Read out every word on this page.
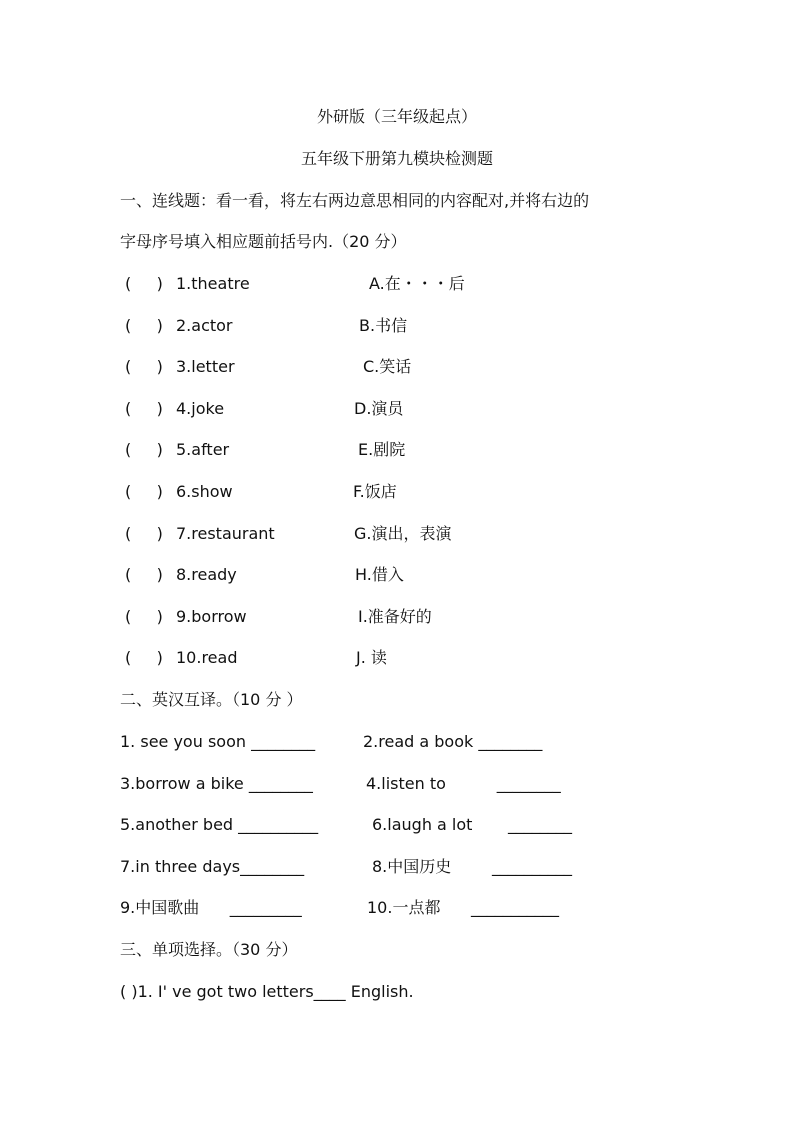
外研版（三年级起点）
五年级下册第九模块检测题
一、连线题：看一看，将左右两边意思相同的内容配对,并将右边的
字母序号填入相应题前括号内.（20 分）
(     ) 1.theatre	A.在・・・后
(     ) 2.actor	B.书信
(     ) 3.letter	C.笑话
(     ) 4.joke	D.演员
(     ) 5.after	E.剧院
(     ) 6.show	F.饭店
(     ) 7.restaurant	G.演出，表演
(     ) 8.ready	H.借入
(     ) 9.borrow	I.准备好的
(     ) 10.read	J. 读
二、英汉互译。（10 分 ）
1. see you soon ________	2.read a book ________
3.borrow a bike ________	4.listen to          ________
5.another bed __________	6.laugh a lot       ________
7.in three days________	8.中国历史        __________
9.中国歌曲      _________	10.一点都      ___________
三、单项选择。（30 分）
( )1. I' ve got two letters____ English.
